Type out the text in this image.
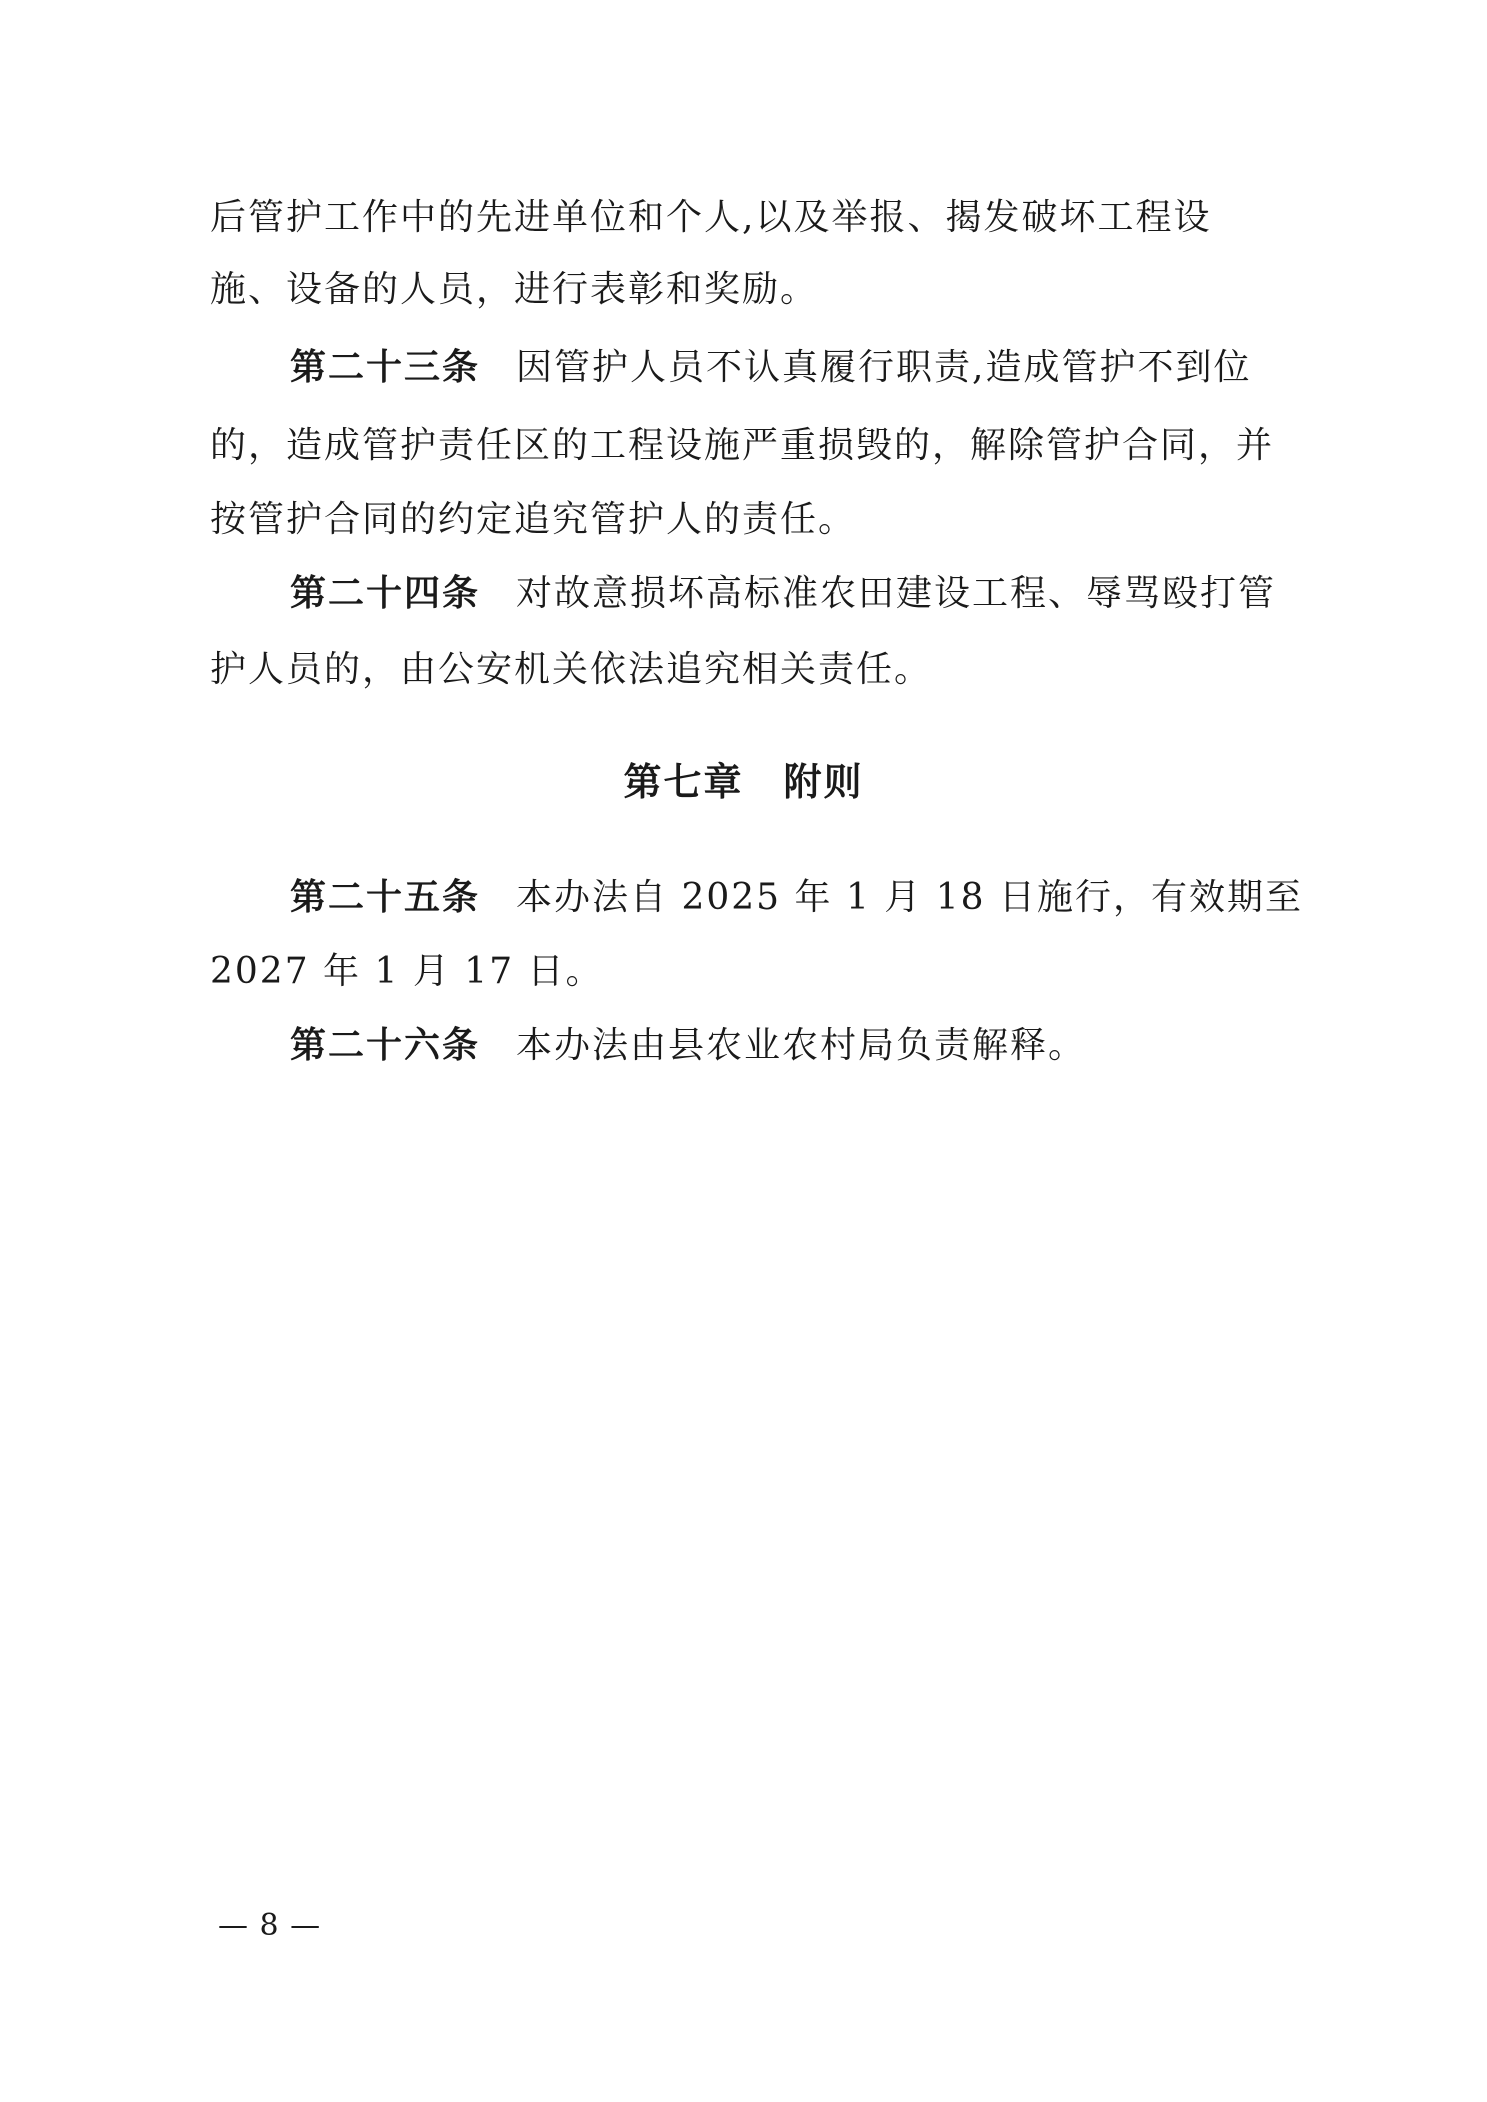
后管护工作中的先进单位和个人,以及举报、揭发破坏工程设
施、设备的人员，进行表彰和奖励。
第二十三条 因管护人员不认真履行职责,造成管护不到位
的，造成管护责任区的工程设施严重损毁的，解除管护合同，并
按管护合同的约定追究管护人的责任。
第二十四条 对故意损坏高标准农田建设工程、辱骂殴打管
护人员的，由公安机关依法追究相关责任。
第七章　附则
第二十五条 本办法自 2025 年 1 月 18 日施行，有效期至
2027 年 1 月 17 日。
第二十六条 本办法由县农业农村局负责解释。
— 8 —
